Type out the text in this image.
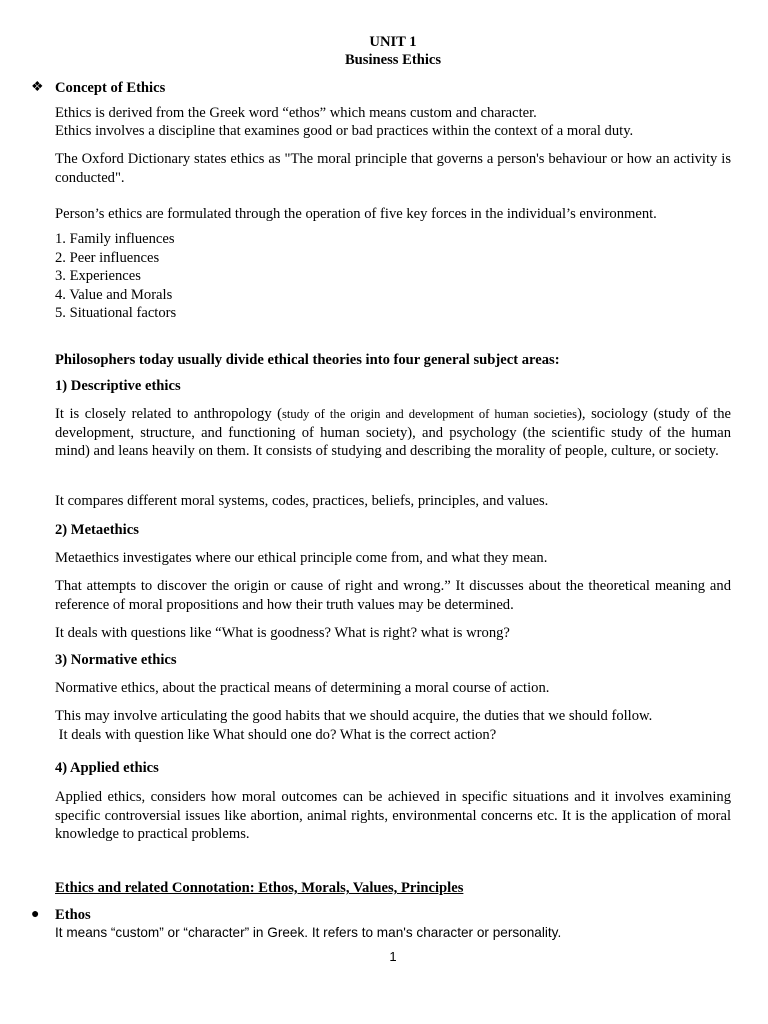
UNIT 1
Business Ethics
❖ Concept of Ethics

Ethics is derived from the Greek word “ethos” which means custom and character.

Ethics involves a discipline that examines good or bad practices within the context of a moral duty.

The Oxford Dictionary states ethics as "The moral principle that governs a person's behaviour or how an activity is conducted".

Person’s ethics are formulated through the operation of five key forces in the individual’s environment.

1. Family influences
2. Peer influences
3. Experiences
4. Value and Morals
5. Situational factors

Philosophers today usually divide ethical theories into four general subject areas:

1) Descriptive ethics

It is closely related to anthropology (study of the origin and development of human societies), sociology (study of the development, structure, and functioning of human society), and psychology (the scientific study of the human mind) and leans heavily on them. It consists of studying and describing the morality of people, culture, or society.

It compares different moral systems, codes, practices, beliefs, principles, and values.

2) Metaethics

Metaethics investigates where our ethical principle come from, and what they mean.

That attempts to discover the origin or cause of right and wrong.” It discusses about the theoretical meaning and reference of moral propositions and how their truth values may be determined.

It deals with questions like “What is goodness? What is right? what is wrong?

3) Normative ethics

Normative ethics, about the practical means of determining a moral course of action.

This may involve articulating the good habits that we should acquire, the duties that we should follow.

It deals with question like What should one do? What is the correct action?

4) Applied ethics

Applied ethics, considers how moral outcomes can be achieved in specific situations and it involves examining specific controversial issues like abortion, animal rights, environmental concerns etc. It is the application of moral knowledge to practical problems.

Ethics and related Connotation: Ethos, Morals, Values, Principles

● Ethos

It means “custom” or “character” in Greek. It refers to man's character or personality.

1
